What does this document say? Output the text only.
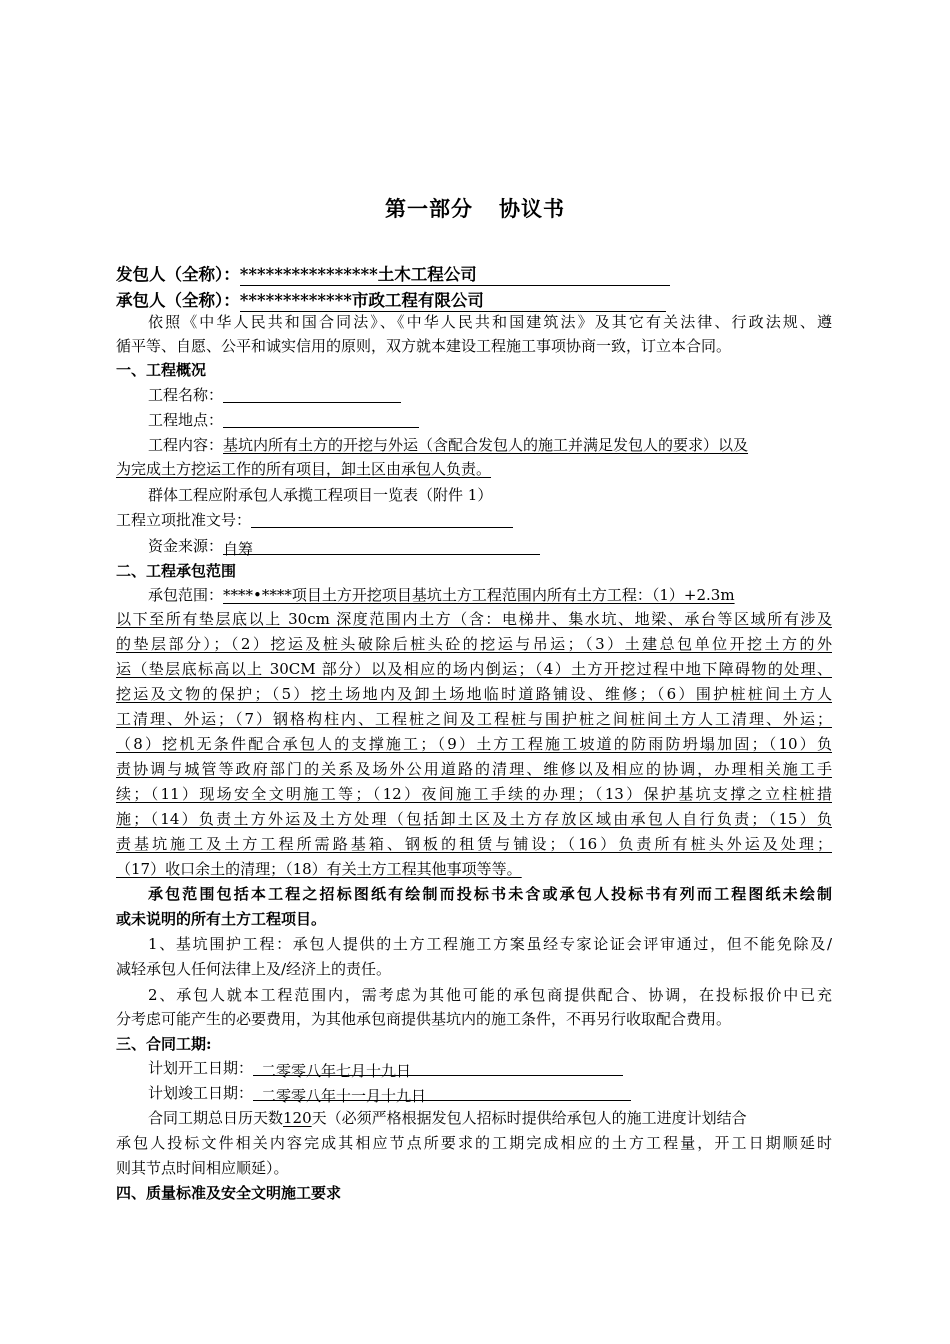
第一部分 协议书
发包人（全称）：****************土木工程公司
承包人（全称）：*************市政工程有限公司
依照《中华人民共和国合同法》、《中华人民共和国建筑法》及其它有关法律、行政法规、遵
循平等、自愿、公平和诚实信用的原则，双方就本建设工程施工事项协商一致，订立本合同。
一、工程概况
工程名称：
工程地点：
工程内容：基坑内所有土方的开挖与外运（含配合发包人的施工并满足发包人的要求）以及
为完成土方挖运工作的所有项目，卸土区由承包人负责。
群体工程应附承包人承揽工程项目一览表（附件 1）
工程立项批准文号：
资金来源：自筹
二、工程承包范围
承包范围：****•****项目土方开挖项目基坑土方工程范围内所有土方工程：（1）+2.3m
以下至所有垫层底以上 30cm 深度范围内土方（含：电梯井、集水坑、地梁、承台等区域所有涉及
的垫层部分）；（2）挖运及桩头破除后桩头砼的挖运与吊运；（3）土建总包单位开挖土方的外
运（垫层底标高以上 30CM 部分）以及相应的场内倒运；（4）土方开挖过程中地下障碍物的处理、
挖运及文物的保护；（5）挖土场地内及卸土场地临时道路铺设、维修；（6）围护桩桩间土方人
工清理、外运；（7）钢格构柱内、工程桩之间及工程桩与围护桩之间桩间土方人工清理、外运；
（8）挖机无条件配合承包人的支撑施工；（9）土方工程施工坡道的防雨防坍塌加固；（10）负
责协调与城管等政府部门的关系及场外公用道路的清理、维修以及相应的协调，办理相关施工手
续；（11）现场安全文明施工等；（12）夜间施工手续的办理；（13）保护基坑支撑之立柱桩措
施；（14）负责土方外运及土方处理（包括卸土区及土方存放区域由承包人自行负责；（15）负
责基坑施工及土方工程所需路基箱、钢板的租赁与铺设；（16）负责所有桩头外运及处理；
（17）收口余土的清理；（18）有关土方工程其他事项等等。
承包范围包括本工程之招标图纸有绘制而投标书未含或承包人投标书有列而工程图纸未绘制
或未说明的所有土方工程项目。
1、基坑围护工程：承包人提供的土方工程施工方案虽经专家论证会评审通过，但不能免除及/
减轻承包人任何法律上及/经济上的责任。
2、承包人就本工程范围内，需考虑为其他可能的承包商提供配合、协调，在投标报价中已充
分考虑可能产生的必要费用，为其他承包商提供基坑内的施工条件，不再另行收取配合费用。
三、合同工期:
计划开工日期： 二零零八年七月十九日
计划竣工日期： 二零零八年十一月十九日
合同工期总日历天数120天（必须严格根据发包人招标时提供给承包人的施工进度计划结合
承包人投标文件相关内容完成其相应节点所要求的工期完成相应的土方工程量，开工日期顺延时
则其节点时间相应顺延）。
四、质量标准及安全文明施工要求
